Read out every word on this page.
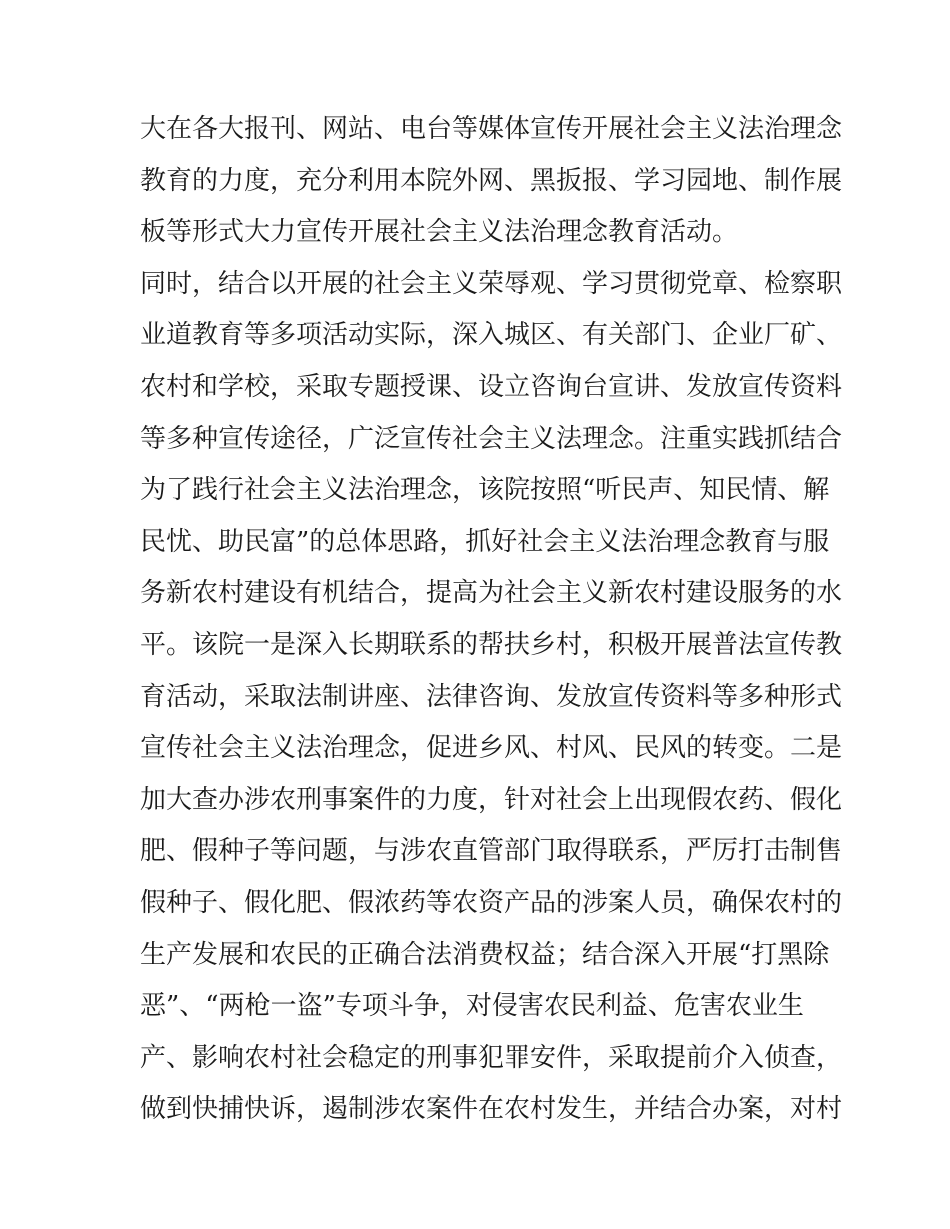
大在各大报刊、网站、电台等媒体宣传开展社会主义法治理念
教育的力度，充分利用本院外网、黑扳报、学习园地、制作展
板等形式大力宣传开展社会主义法治理念教育活动。
同时，结合以开展的社会主义荣辱观、学习贯彻党章、检察职
业道教育等多项活动实际，深入城区、有关部门、企业厂矿、
农村和学校，采取专题授课、设立咨询台宣讲、发放宣传资料
等多种宣传途径，广泛宣传社会主义法理念。注重实践抓结合
为了践行社会主义法治理念，该院按照“听民声、知民情、解
民忧、助民富”的总体思路，抓好社会主义法治理念教育与服
务新农村建设有机结合，提高为社会主义新农村建设服务的水
平。该院一是深入长期联系的帮扶乡村，积极开展普法宣传教
育活动，采取法制讲座、法律咨询、发放宣传资料等多种形式
宣传社会主义法治理念，促进乡风、村风、民风的转变。二是
加大查办涉农刑事案件的力度，针对社会上出现假农药、假化
肥、假种子等问题，与涉农直管部门取得联系，严厉打击制售
假种子、假化肥、假浓药等农资产品的涉案人员，确保农村的
生产发展和农民的正确合法消费权益；结合深入开展“打黑除
恶”、“两枪一盗”专项斗争，对侵害农民利益、危害农业生
产、影响农村社会稳定的刑事犯罪安件，采取提前介入侦查，
做到快捕快诉，遏制涉农案件在农村发生，并结合办案，对村
